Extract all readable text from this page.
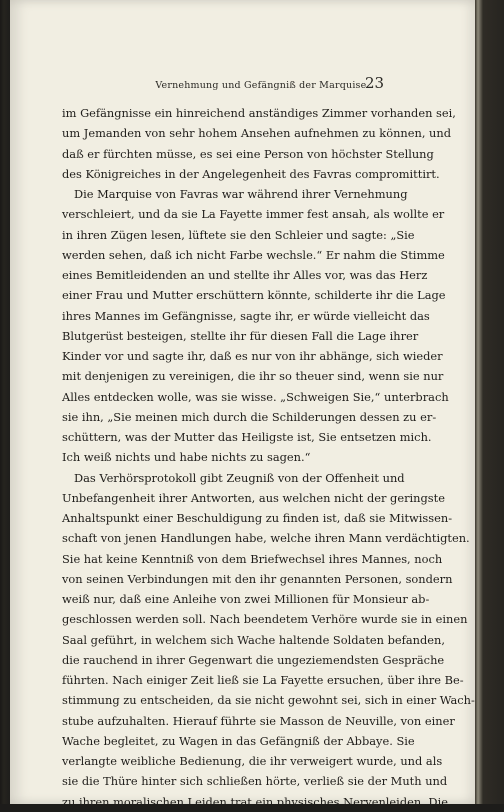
Vernehmung und Gefängniß der Marquise.
23
im Gefängnisse ein hinreichend anständiges Zimmer vorhanden sei,
um Jemanden von sehr hohem Ansehen aufnehmen zu können, und
daß er fürchten müsse, es sei eine Person von höchster Stellung
des Königreiches in der Angelegenheit des Favras compromittirt.
Die Marquise von Favras war während ihrer Vernehmung
verschleiert, und da sie La Fayette immer fest ansah, als wollte er
in ihren Zügen lesen, lüftete sie den Schleier und sagte: „Sie
werden sehen, daß ich nicht Farbe wechsle.“ Er nahm die Stimme
eines Bemitleidenden an und stellte ihr Alles vor, was das Herz
einer Frau und Mutter erschüttern könnte, schilderte ihr die Lage
ihres Mannes im Gefängnisse, sagte ihr, er würde vielleicht das
Blutgerüst besteigen, stellte ihr für diesen Fall die Lage ihrer
Kinder vor und sagte ihr, daß es nur von ihr abhänge, sich wieder
mit denjenigen zu vereinigen, die ihr so theuer sind, wenn sie nur
Alles entdecken wolle, was sie wisse. „Schweigen Sie,“ unterbrach
sie ihn, „Sie meinen mich durch die Schilderungen dessen zu er-
schüttern, was der Mutter das Heiligste ist, Sie entsetzen mich.
Ich weiß nichts und habe nichts zu sagen.“
Das Verhörsprotokoll gibt Zeugniß von der Offenheit und
Unbefangenheit ihrer Antworten, aus welchen nicht der geringste
Anhaltspunkt einer Beschuldigung zu finden ist, daß sie Mitwissen-
schaft von jenen Handlungen habe, welche ihren Mann verdächtigten.
Sie hat keine Kenntniß von dem Briefwechsel ihres Mannes, noch
von seinen Verbindungen mit den ihr genannten Personen, sondern
weiß nur, daß eine Anleihe von zwei Millionen für Monsieur ab-
geschlossen werden soll. Nach beendetem Verhöre wurde sie in einen
Saal geführt, in welchem sich Wache haltende Soldaten befanden,
die rauchend in ihrer Gegenwart die ungeziemendsten Gespräche
führten. Nach einiger Zeit ließ sie La Fayette ersuchen, über ihre Be-
stimmung zu entscheiden, da sie nicht gewohnt sei, sich in einer Wach-
stube aufzuhalten. Hierauf führte sie Masson de Neuville, von einer
Wache begleitet, zu Wagen in das Gefängniß der Abbaye. Sie
verlangte weibliche Bedienung, die ihr verweigert wurde, und als
sie die Thüre hinter sich schließen hörte, verließ sie der Muth und
zu ihren moralischen Leiden trat ein physisches Nervenleiden. Die
